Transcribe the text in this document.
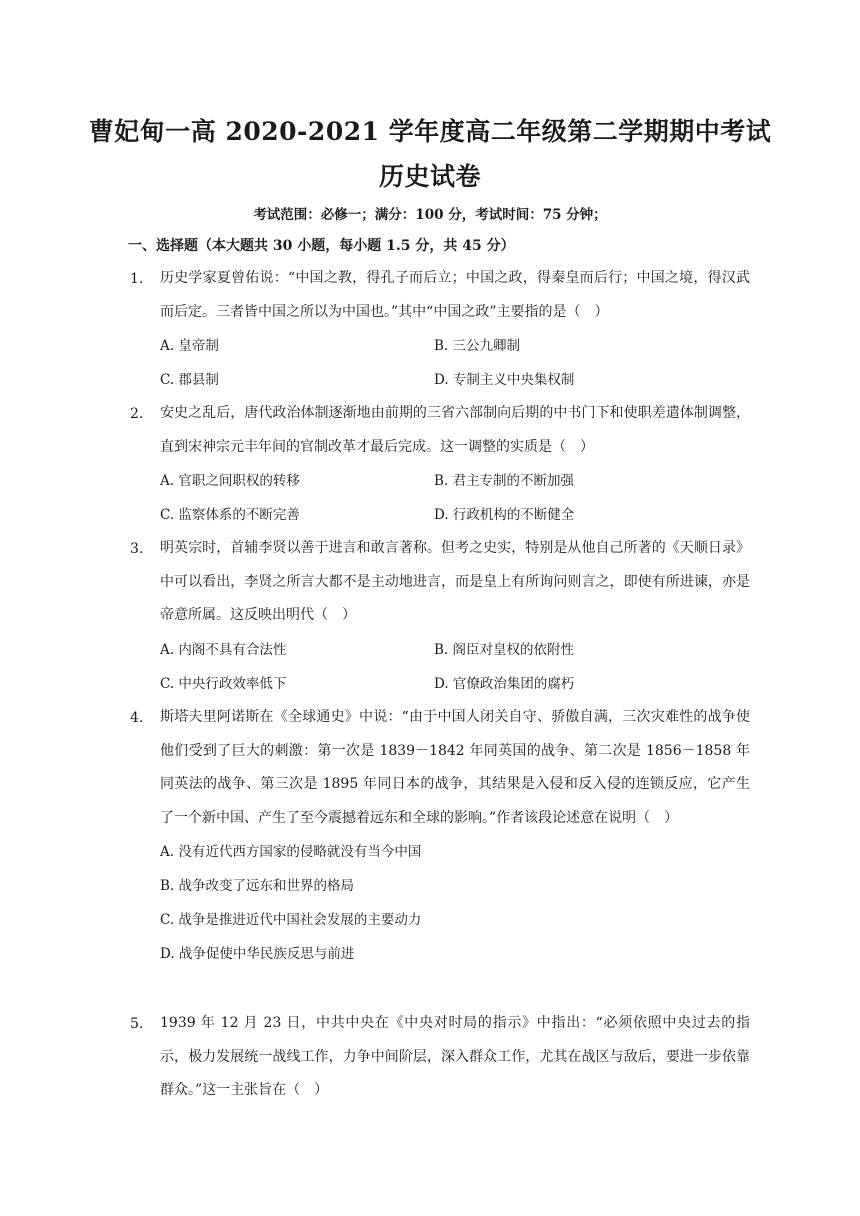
曹妃甸一高 2020-2021 学年度高二年级第二学期期中考试
历史试卷
考试范围：必修一；满分：100 分，考试时间：75 分钟；
一、选择题（本大题共 30 小题，每小题 1.5 分，共 45 分）
1. 历史学家夏曾佑说：“中国之教，得孔子而后立；中国之政，得秦皇而后行；中国之境，得汉武而后定。三者皆中国之所以为中国也。”其中“中国之政”主要指的是（　）
A. 皇帝制	B. 三公九卿制
C. 郡县制	D. 专制主义中央集权制
2. 安史之乱后，唐代政治体制逐渐地由前期的三省六部制向后期的中书门下和使职差遣体制调整，直到宋神宗元丰年间的官制改革才最后完成。这一调整的实质是（　）
A. 官职之间职权的转移	B. 君主专制的不断加强
C. 监察体系的不断完善	D. 行政机构的不断健全
3. 明英宗时，首辅李贤以善于进言和敢言著称。但考之史实，特别是从他自己所著的《天顺日录》中可以看出，李贤之所言大都不是主动地进言，而是皇上有所询问则言之，即使有所进谏，亦是帝意所属。这反映出明代（　）
A. 内阁不具有合法性	B. 阁臣对皇权的依附性
C. 中央行政效率低下	D. 官僚政治集团的腐朽
4. 斯塔夫里阿诺斯在《全球通史》中说：“由于中国人闭关自守、骄傲自满，三次灾难性的战争使他们受到了巨大的刺激：第一次是 1839－1842 年同英国的战争、第二次是 1856－1858 年同英法的战争、第三次是 1895 年同日本的战争，其结果是入侵和反入侵的连锁反应，它产生了一个新中国、产生了至今震撼着远东和全球的影响。”作者该段论述意在说明（　）
A. 没有近代西方国家的侵略就没有当今中国
B. 战争改变了远东和世界的格局
C. 战争是推进近代中国社会发展的主要动力
D. 战争促使中华民族反思与前进
5. 1939 年 12 月 23 日，中共中央在《中央对时局的指示》中指出：“必须依照中央过去的指示，极力发展统一战线工作，力争中间阶层，深入群众工作，尤其在战区与敌后，要进一步依靠群众。”这一主张旨在（　）
